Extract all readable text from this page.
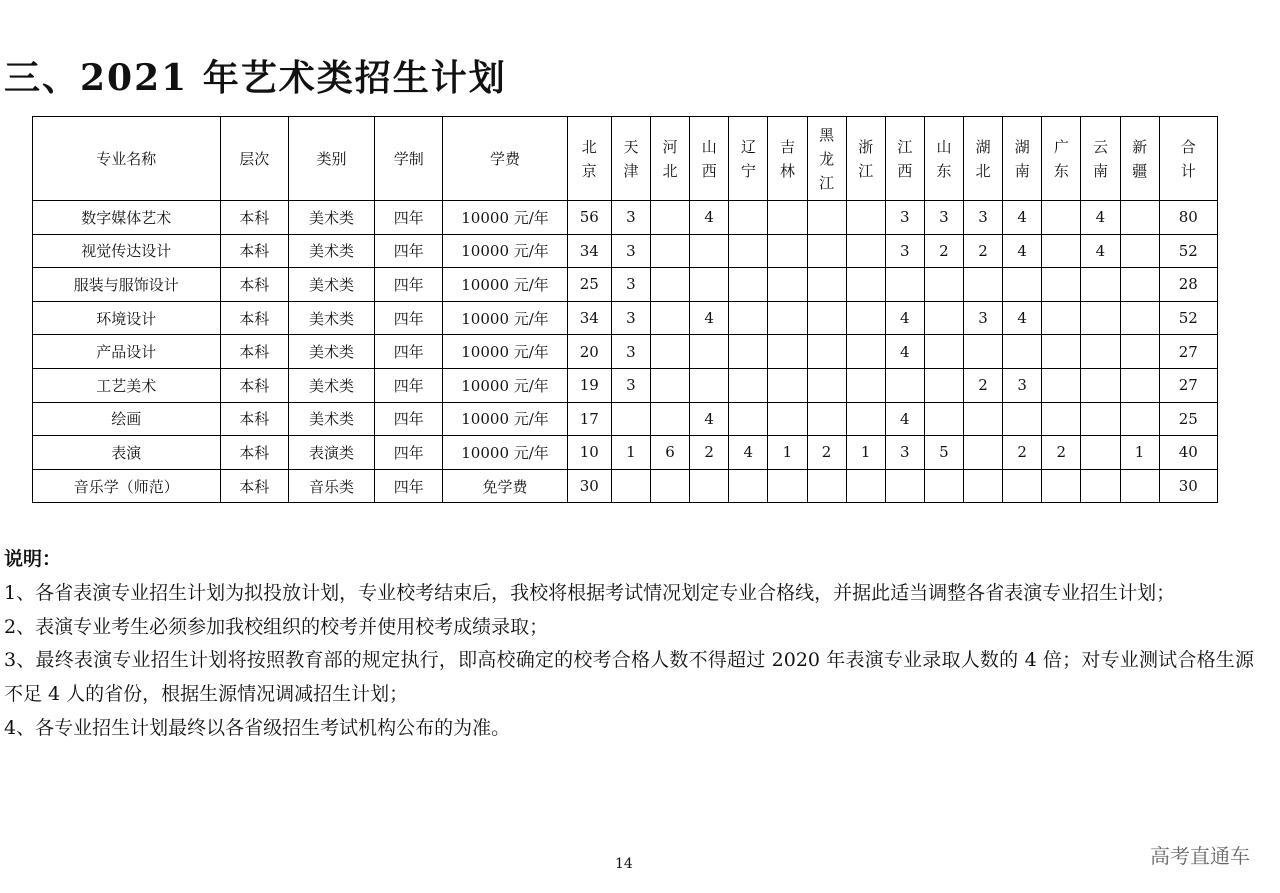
三、2021 年艺术类招生计划
专业名称	层次	类别	学制	学费	北京	天津	河北	山西	辽宁	吉林	黑龙江	浙江	江西	山东	湖北	湖南	广东	云南	新疆	合计
数字媒体艺术	本科	美术类	四年	10000 元/年	56	3		4					3	3	3	4		4		80
视觉传达设计	本科	美术类	四年	10000 元/年	34	3							3	2	2	4		4		52
服装与服饰设计	本科	美术类	四年	10000 元/年	25	3														28
环境设计	本科	美术类	四年	10000 元/年	34	3		4					4		3	4				52
产品设计	本科	美术类	四年	10000 元/年	20	3							4							27
工艺美术	本科	美术类	四年	10000 元/年	19	3									2	3				27
绘画	本科	美术类	四年	10000 元/年	17			4					4							25
表演	本科	表演类	四年	10000 元/年	10	1	6	2	4	1	2	1	3	5		2	2		1	40
音乐学（师范）	本科	音乐类	四年	免学费	30															30

说明：

1、各省表演专业招生计划为拟投放计划，专业校考结束后，我校将根据考试情况划定专业合格线，并据此适当调整各省表演专业招生计划；

2、表演专业考生必须参加我校组织的校考并使用校考成绩录取；

3、最终表演专业招生计划将按照教育部的规定执行，即高校确定的校考合格人数不得超过 2020 年表演专业录取人数的 4 倍；对专业测试合格生源不足 4 人的省份，根据生源情况调减招生计划；

4、各专业招生计划最终以各省级招生考试机构公布的为准。

14	高考直通车
